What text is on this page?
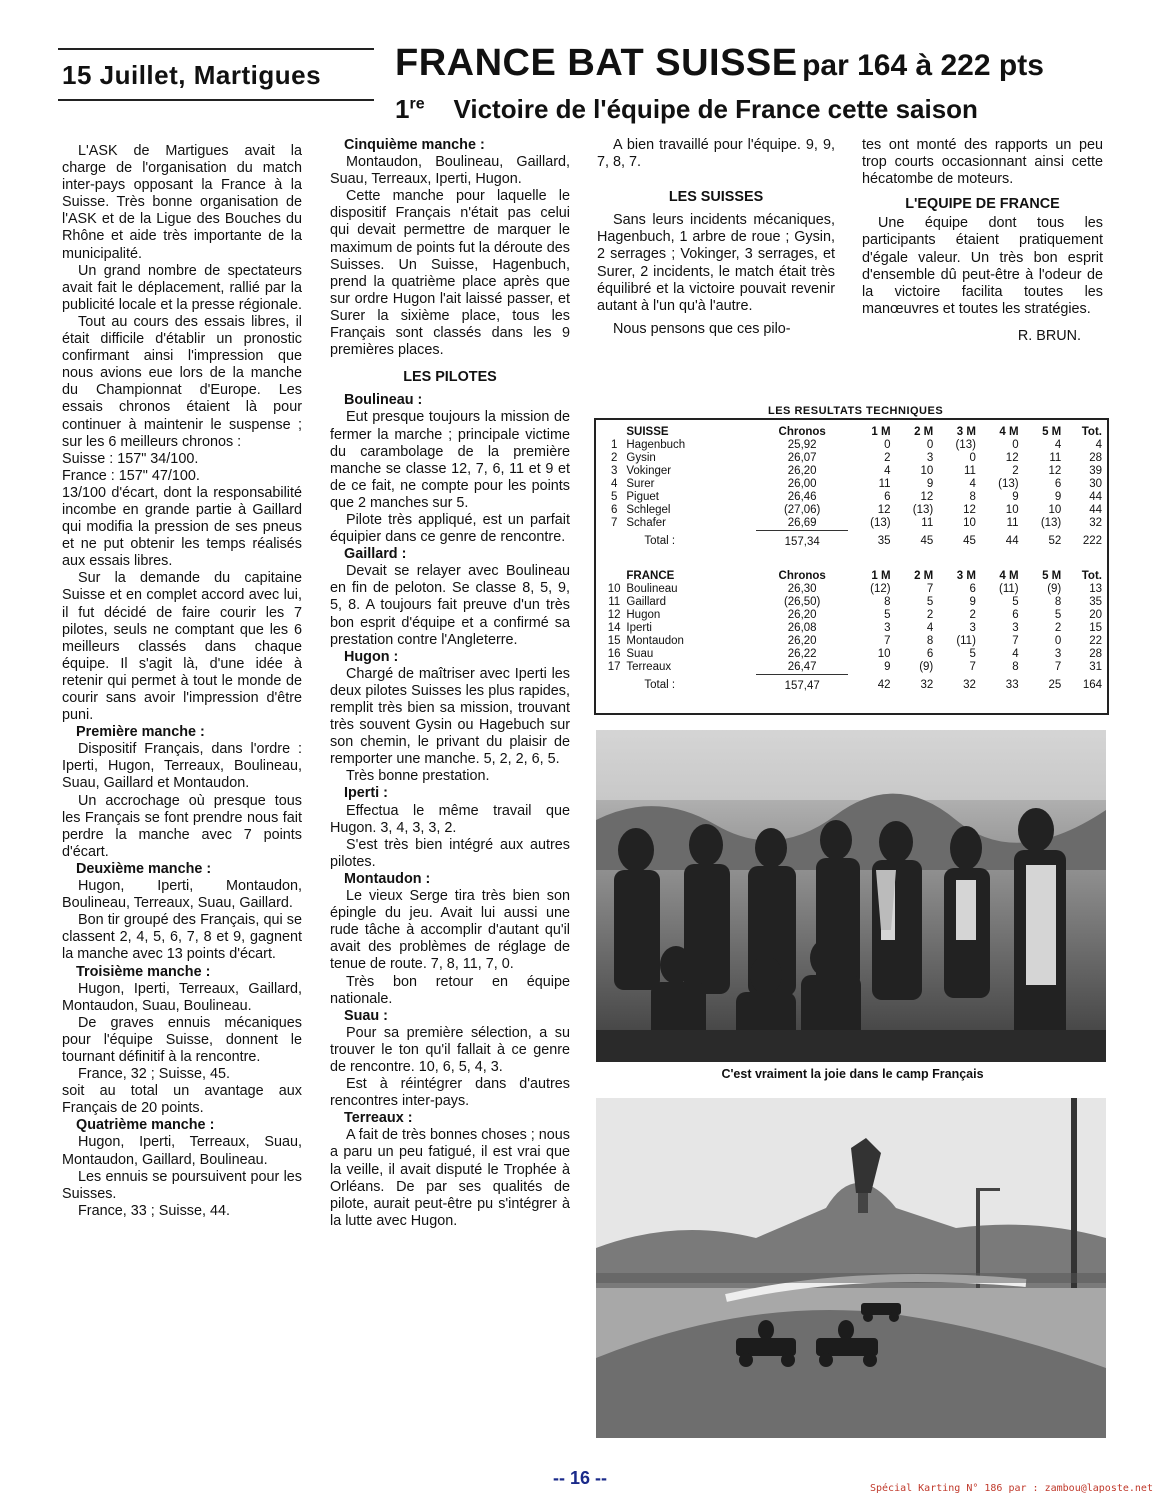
15 Juillet, Martigues	FRANCE BAT SUISSE par 164 à 222 pts
1re Victoire de l'équipe de France cette saison

L'ASK de Martigues avait la charge de l'organisation du match inter-pays opposant la France à la Suisse. Très bonne organisation de l'ASK et de la Ligue des Bouches du Rhône et aide très importante de la municipalité.

Un grand nombre de spectateurs avait fait le déplacement, rallié par la publicité locale et la presse régionale.

Tout au cours des essais libres, il était difficile d'établir un pronostic confirmant ainsi l'impression que nous avions eue lors de la manche du Championnat d'Europe. Les essais chronos étaient là pour continuer à maintenir le suspense ; sur les 6 meilleurs chronos :

Suisse : 157" 34/100.

France : 157" 47/100.

13/100 d'écart, dont la responsabilité incombe en grande partie à Gaillard qui modifia la pression de ses pneus et ne put obtenir les temps réalisés aux essais libres.

Sur la demande du capitaine Suisse et en complet accord avec lui, il fut décidé de faire courir les 7 pilotes, seuls ne comptant que les 6 meilleurs classés dans chaque équipe. Il s'agit là, d'une idée à retenir qui permet à tout le monde de courir sans avoir l'impression d'être puni.

Première manche :

Dispositif Français, dans l'ordre : Iperti, Hugon, Terreaux, Boulineau, Suau, Gaillard et Montaudon.

Un accrochage où presque tous les Français se font prendre nous fait perdre la manche avec 7 points d'écart.

Deuxième manche :

Hugon, Iperti, Montaudon, Boulineau, Terreaux, Suau, Gaillard.

Bon tir groupé des Français, qui se classent 2, 4, 5, 6, 7, 8 et 9, gagnent la manche avec 13 points d'écart.

Troisième manche :

Hugon, Iperti, Terreaux, Gaillard, Montaudon, Suau, Boulineau.

De graves ennuis mécaniques pour l'équipe Suisse, donnent le tournant définitif à la rencontre.

France, 32 ; Suisse, 45.

soit au total un avantage aux Français de 20 points.

Quatrième manche :

Hugon, Iperti, Terreaux, Suau, Montaudon, Gaillard, Boulineau.

Les ennuis se poursuivent pour les Suisses.

France, 33 ; Suisse, 44.

Cinquième manche :

Montaudon, Boulineau, Gaillard, Suau, Terreaux, Iperti, Hugon.

Cette manche pour laquelle le dispositif Français n'était pas celui qui devait permettre de marquer le maximum de points fut la déroute des Suisses. Un Suisse, Hagenbuch, prend la quatrième place après que sur ordre Hugon l'ait laissé passer, et Surer la sixième place, tous les Français sont classés dans les 9 premières places.

LES PILOTES

Boulineau :

Eut presque toujours la mission de fermer la marche ; principale victime du carambolage de la première manche se classe 12, 7, 6, 11 et 9 et de ce fait, ne compte pour les points que 2 manches sur 5.

Pilote très appliqué, est un parfait équipier dans ce genre de rencontre.

Gaillard :

Devait se relayer avec Boulineau en fin de peloton. Se classe 8, 5, 9, 5, 8. A toujours fait preuve d'un très bon esprit d'équipe et a confirmé sa prestation contre l'Angleterre.

Hugon :

Chargé de maîtriser avec Iperti les deux pilotes Suisses les plus rapides, remplit très bien sa mission, trouvant très souvent Gysin ou Hagebuch sur son chemin, le privant du plaisir de remporter une manche. 5, 2, 2, 6, 5.

Très bonne prestation.

Iperti :

Effectua le même travail que Hugon. 3, 4, 3, 3, 2.

S'est très bien intégré aux autres pilotes.

Montaudon :

Le vieux Serge tira très bien son épingle du jeu. Avait lui aussi une rude tâche à accomplir d'autant qu'il avait des problèmes de réglage de tenue de route. 7, 8, 11, 7, 0.

Très bon retour en équipe nationale.

Suau :

Pour sa première sélection, a su trouver le ton qu'il fallait à ce genre de rencontre. 10, 6, 5, 4, 3.

Est à réintégrer dans d'autres rencontres inter-pays.

Terreaux :

A fait de très bonnes choses ; nous a paru un peu fatigué, il est vrai que la veille, il avait disputé le Trophée à Orléans. De par ses qualités de pilote, aurait peut-être pu s'intégrer à la lutte avec Hugon.

A bien travaillé pour l'équipe. 9, 9, 7, 8, 7.

LES SUISSES

Sans leurs incidents mécaniques, Hagenbuch, 1 arbre de roue ; Gysin, 2 serrages ; Vokinger, 3 serrages, et Surer, 2 incidents, le match était très équilibré et la victoire pouvait revenir autant à l'un qu'à l'autre.

Nous pensons que ces pilo-

tes ont monté des rapports un peu trop courts occasionnant ainsi cette hécatombe de moteurs.

L'EQUIPE DE FRANCE

Une équipe dont tous les participants étaient pratiquement d'égale valeur. Un très bon esprit d'ensemble dû peut-être à l'odeur de la victoire facilita toutes les manœuvres et toutes les stratégies.

R. BRUN.

	SUISSE	Chronos	1 M	2 M	3 M	4 M	5 M	Tot.
1	Hagenbuch	25,92	0	0	(13)	0	4	4
2	Gysin	26,07	2	3	0	12	11	28
3	Vokinger	26,20	4	10	11	2	12	39
4	Surer	26,00	11	9	4	(13)	6	30
5	Piguet	26,46	6	12	8	9	9	44
6	Schlegel	(27,06)	12	(13)	12	10	10	44
7	Schafer	26,69	(13)	11	10	11	(13)	32
	Total :	157,34	35	45	45	44	52	222
	FRANCE	Chronos	1 M	2 M	3 M	4 M	5 M	Tot.
10	Boulineau	26,30	(12)	7	6	(11)	(9)	13
11	Gaillard	(26,50)	8	5	9	5	8	35
12	Hugon	26,20	5	2	2	6	5	20
14	Iperti	26,08	3	4	3	3	2	15
15	Montaudon	26,20	7	8	(11)	7	0	22
16	Suau	26,22	10	6	5	4	3	28
17	Terreaux	26,47	9	(9)	7	8	7	31
	Total :	157,47	42	32	32	33	25	164
LES RESULTATS TECHNIQUES
C'est vraiment la joie dans le camp Français
-- 16 --
Spécial Karting N° 186 par : zambou@laposte.net
